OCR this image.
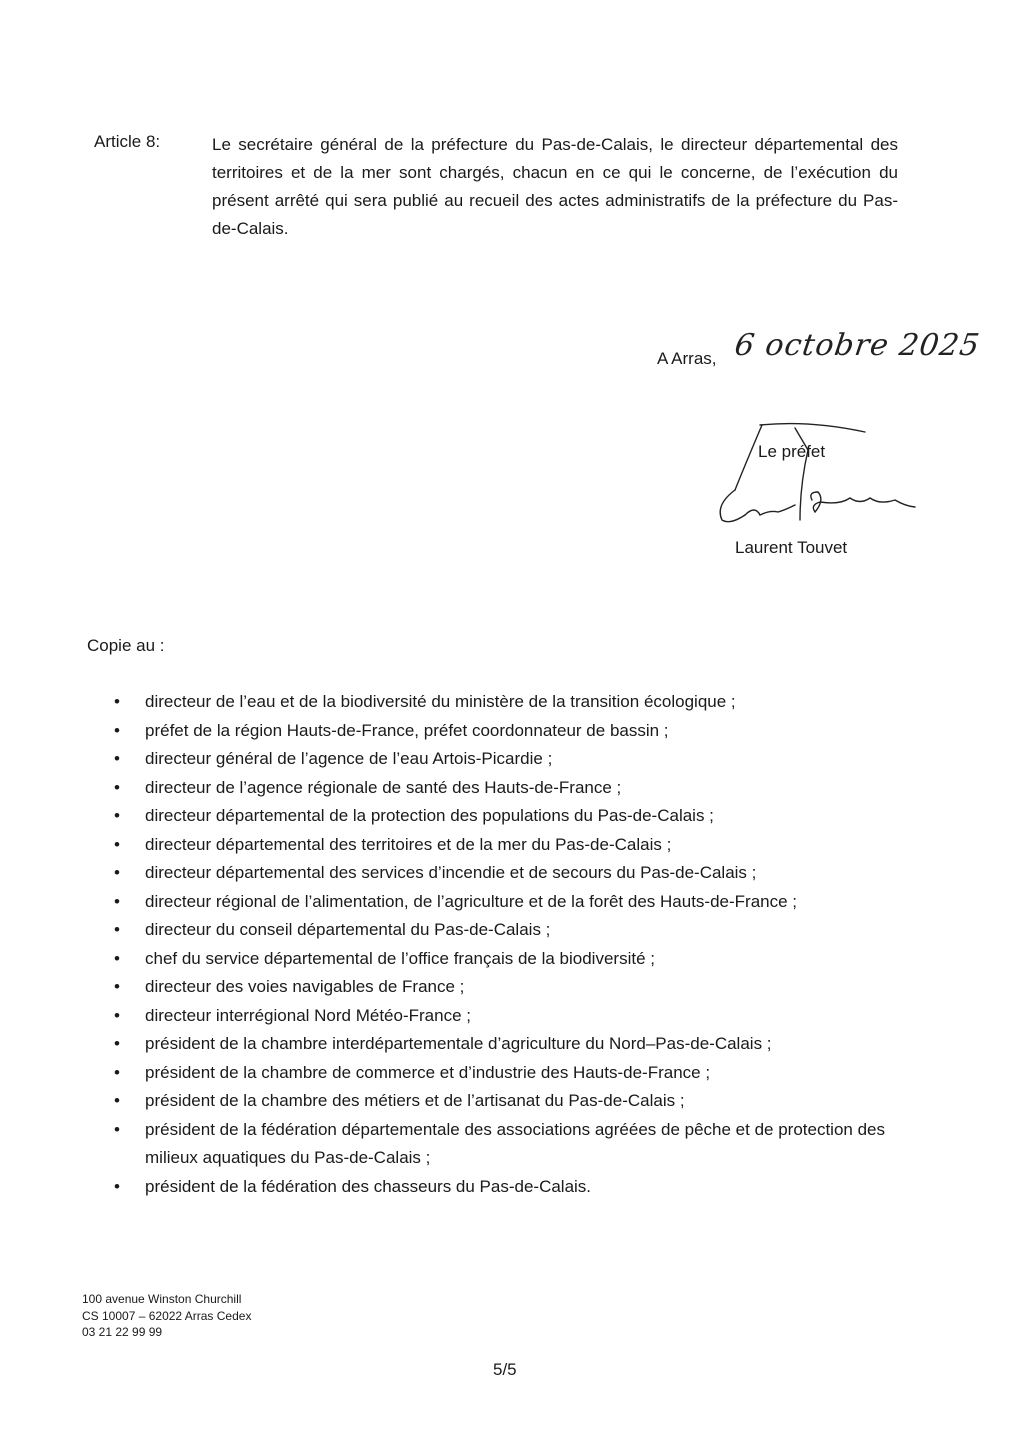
Article 8:	Le secrétaire général de la préfecture du Pas-de-Calais, le directeur départemental des territoires et de la mer sont chargés, chacun en ce qui le concerne, de l’exécution du présent arrêté qui sera publié au recueil des actes administratifs de la préfecture du Pas-de-Calais.
A Arras, 6 octobre 2025
Le préfet
Laurent Touvet
Copie au :
• directeur de l’eau et de la biodiversité du ministère de la transition écologique ;
• préfet de la région Hauts-de-France, préfet coordonnateur de bassin ;
• directeur général de l’agence de l’eau Artois-Picardie ;
• directeur de l’agence régionale de santé des Hauts-de-France ;
• directeur départemental de la protection des populations du Pas-de-Calais ;
• directeur départemental des territoires et de la mer du Pas-de-Calais ;
• directeur départemental des services d’incendie et de secours du Pas-de-Calais ;
• directeur régional de l’alimentation, de l’agriculture et de la forêt des Hauts-de-France ;
• directeur du conseil départemental du Pas-de-Calais ;
• chef du service départemental de l’office français de la biodiversité ;
• directeur des voies navigables de France ;
• directeur interrégional Nord Météo-France ;
• président de la chambre interdépartementale d’agriculture du Nord–Pas-de-Calais ;
• président de la chambre de commerce et d’industrie des Hauts-de-France ;
• président de la chambre des métiers et de l’artisanat du Pas-de-Calais ;
• président de la fédération départementale des associations agréées de pêche et de protection des milieux aquatiques du Pas-de-Calais ;
• président de la fédération des chasseurs du Pas-de-Calais.
100 avenue Winston Churchill
CS 10007 – 62022 Arras Cedex
03 21 22 99 99
5/5
